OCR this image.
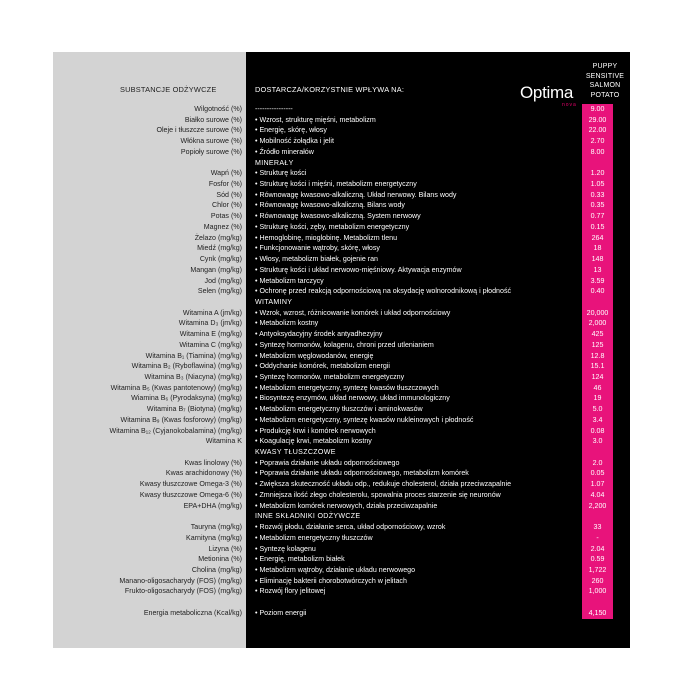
SUBSTANCJE ODŻYWCZE	DOSTARCZA/KORZYSTNIE WPŁYWA NA:
PUPPY
SENSITIVE
SALMON
POTATO
Optima
nova
Wilgotność (%) ----------------	9.00
Białko surowe (%) • Wzrost, strukturę mięśni, metabolizm	29.00
Oleje i tłuszcze surowe (%) • Energię, skórę, włosy	22.00
Włókna surowe (%) • Mobilność żołądka i jelit	2.70
Popioły surowe (%) • Źródło minerałów	8.00
MINERAŁY
Wapń (%) • Strukturę kości	1.20
Fosfor (%) • Strukturę kości i mięśni, metabolizm energetyczny	1.05
Sód (%) • Równowagę kwasowo-alkaliczną. Układ nerwowy. Bilans wody	0.33
Chlor (%) • Równowagę kwasowo-alkaliczną. Bilans wody	0.35
Potas (%) • Równowagę kwasowo-alkaliczną. System nerwowy	0.77
Magnez (%) • Strukturę kości, zęby, metabolizm energetyczny	0.15
Żelazo (mg/kg) • Hemoglobinę, mioglobinę. Metabolizm tlenu	264
Miedź (mg/kg) • Funkcjonowanie wątroby, skórę, włosy	18
Cynk (mg/kg) • Włosy, metabolizm białek, gojenie ran	148
Mangan (mg/kg) • Strukturę kości i układ nerwowo-mięśniowy. Aktywacja enzymów	13
Jod (mg/kg) • Metabolizm tarczycy	3.59
Selen (mg/kg) • Ochronę przed reakcją odpornościową na oksydację wolnorodnikową i płodność	0.40
WITAMINY
Witamina A (jm/kg) • Wzrok, wzrost, różnicowanie komórek i układ odpornościowy	20,000
Witamina D₃ (jm/kg) • Metabolizm kostny	2,000
Witamina E (mg/kg) • Antyoksydacyjny środek antyadhezyjny	425
Witamina C (mg/kg) • Syntezę hormonów, kolagenu, chroni przed utlenianiem	125
Witamina B₁ (Tiamina) (mg/kg) • Metabolizm węglowodanów, energię	12.8
Witamina B₂ (Ryboflawina) (mg/kg) • Oddychanie komórek, metabolizm energii	15.1
Witamina B₃ (Niacyna) (mg/kg) • Syntezę hormonów, metabolizm energetyczny	124
Witamina B₅ (Kwas pantotenowy) (mg/kg) • Metabolizm energetyczny, syntezę kwasów tłuszczowych	46
Wiamina B₆ (Pyrodaksyna) (mg/kg) • Biosyntezę enzymów, układ nerwowy, układ immunologiczny	19
Witamina B₇ (Biotyna) (mg/kg) • Metabolizm energetyczny tłuszczów i aminokwasów	5.0
Witamina B₉ (Kwas fosforowy) (mg/kg) • Metabolizm energetyczny, syntezę kwasów nukleinowych i płodność	3.4
Witamina B₁₂ (Cyjanokobalamina) (mg/kg) • Produkcję krwi i komórek nerwowych	0.08
Witamina K • Koagulację krwi, metabolizm kostny	3.0
KWASY TŁUSZCZOWE
Kwas linolowy (%) • Poprawia działanie układu odpornościowego	2.0
Kwas arachidonowy (%) • Poprawia działanie układu odpornościowego, metabolizm komórek	0.05
Kwasy tłuszczowe Omega-3 (%) • Zwiększa skuteczność układu odp., redukuje cholesterol, działa przeciwzapalnie	1.07
Kwasy tłuszczowe Omega-6 (%) • Zmniejsza ilość złego cholesterolu, spowalnia proces starzenie się neuronów	4.04
EPA+DHA (mg/kg) • Metabolizm komórek nerwowych, działa przeciwzapalnie	2,200
INNE SKŁADNIKI ODŻYWCZE
Tauryna (mg/kg) • Rozwój płodu, działanie serca, układ odpornościowy, wzrok	33
Karnityna (mg/kg) • Metabolizm energetyczny tłuszczów	-
Lizyna (%) • Syntezę kolagenu	2.04
Metionina (%) • Energię, metabolizm białek	0.59
Cholina (mg/kg) • Metabolizm wątroby, działanie układu nerwowego	1,722
Manano-oligosacharydy (FOS) (mg/kg) • Eliminację bakterii chorobotwórczych w jelitach	260
Frukto-oligosacharydy (FOS) (mg/kg) • Rozwój flory jelitowej	1,000
Energia metaboliczna (Kcal/kg) • Poziom energii	4,150
